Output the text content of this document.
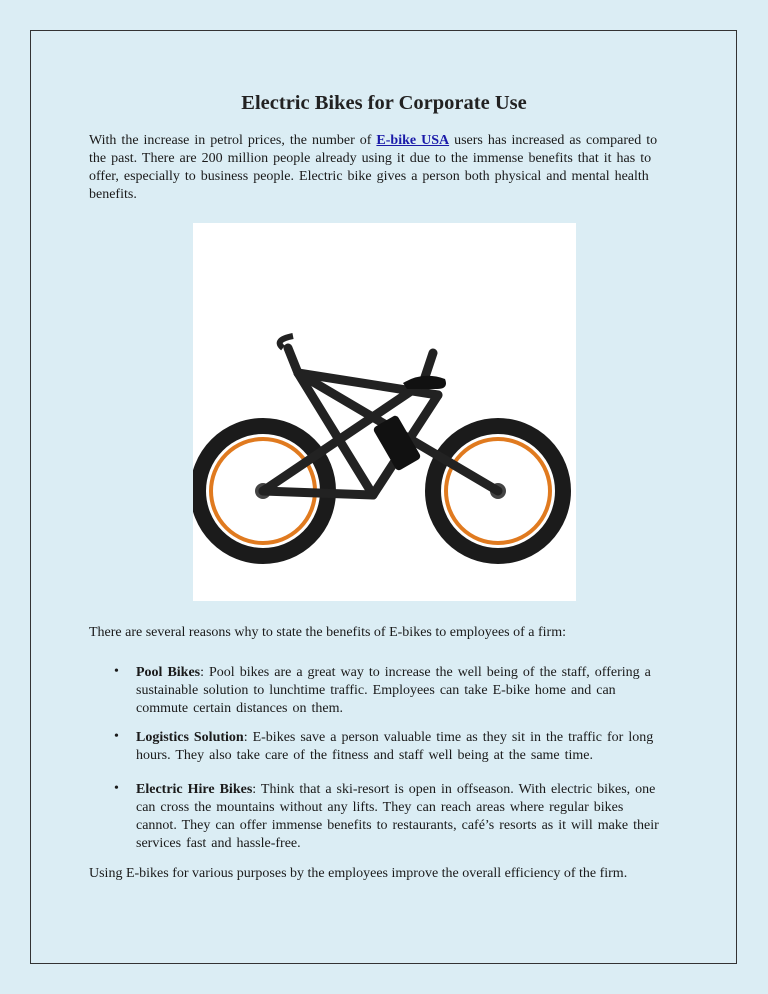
Electric Bikes for Corporate Use
With the increase in petrol prices, the number of E-bike USA users has increased as compared to
the past. There are 200 million people already using it due to the immense benefits that it has to
offer, especially to business people. Electric bike gives a person both physical and mental health
benefits.
There are several reasons why to state the benefits of E-bikes to employees of a firm:
• Pool Bikes: Pool bikes are a great way to increase the well being of the staff, offering a
sustainable solution to lunchtime traffic. Employees can take E-bike home and can
commute certain distances on them.
• Logistics Solution: E-bikes save a person valuable time as they sit in the traffic for long
hours. They also take care of the fitness and staff well being at the same time.
• Electric Hire Bikes: Think that a ski-resort is open in offseason. With electric bikes, one
can cross the mountains without any lifts. They can reach areas where regular bikes
cannot. They can offer immense benefits to restaurants, café’s resorts as it will make their
services fast and hassle-free.
Using E-bikes for various purposes by the employees improve the overall efficiency of the firm.
